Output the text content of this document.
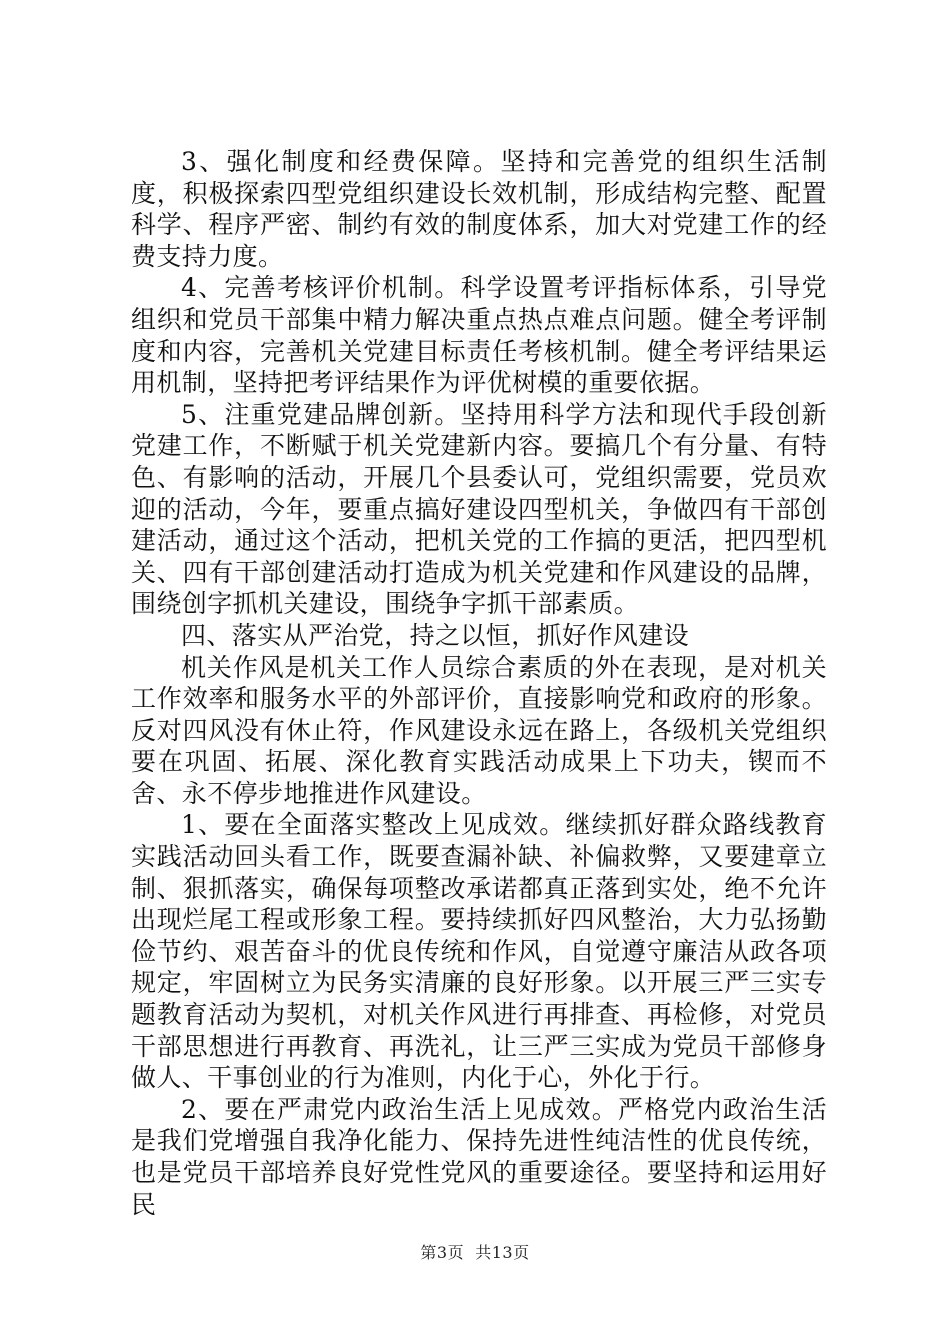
3、强化制度和经费保障。坚持和完善党的组织生活制度，积极探索四型党组织建设长效机制，形成结构完整、配置科学、程序严密、制约有效的制度体系，加大对党建工作的经费支持力度。

4、完善考核评价机制。科学设置考评指标体系，引导党组织和党员干部集中精力解决重点热点难点问题。健全考评制度和内容，完善机关党建目标责任考核机制。健全考评结果运用机制，坚持把考评结果作为评优树模的重要依据。

5、注重党建品牌创新。坚持用科学方法和现代手段创新党建工作，不断赋于机关党建新内容。要搞几个有分量、有特色、有影响的活动，开展几个县委认可，党组织需要，党员欢迎的活动，今年，要重点搞好建设四型机关，争做四有干部创建活动，通过这个活动，把机关党的工作搞的更活，把四型机关、四有干部创建活动打造成为机关党建和作风建设的品牌，围绕创字抓机关建设，围绕争字抓干部素质。

四、落实从严治党，持之以恒，抓好作风建设

机关作风是机关工作人员综合素质的外在表现，是对机关工作效率和服务水平的外部评价，直接影响党和政府的形象。反对四风没有休止符，作风建设永远在路上，各级机关党组织要在巩固、拓展、深化教育实践活动成果上下功夫，锲而不舍、永不停步地推进作风建设。

1、要在全面落实整改上见成效。继续抓好群众路线教育实践活动回头看工作，既要查漏补缺、补偏救弊，又要建章立制、狠抓落实，确保每项整改承诺都真正落到实处，绝不允许出现烂尾工程或形象工程。要持续抓好四风整治，大力弘扬勤俭节约、艰苦奋斗的优良传统和作风，自觉遵守廉洁从政各项规定，牢固树立为民务实清廉的良好形象。以开展三严三实专题教育活动为契机，对机关作风进行再排查、再检修，对党员干部思想进行再教育、再洗礼，让三严三实成为党员干部修身做人、干事创业的行为准则，内化于心，外化于行。

2、要在严肃党内政治生活上见成效。严格党内政治生活是我们党增强自我净化能力、保持先进性纯洁性的优良传统，也是党员干部培养良好党性党风的重要途径。要坚持和运用好民

第3页  共13页
